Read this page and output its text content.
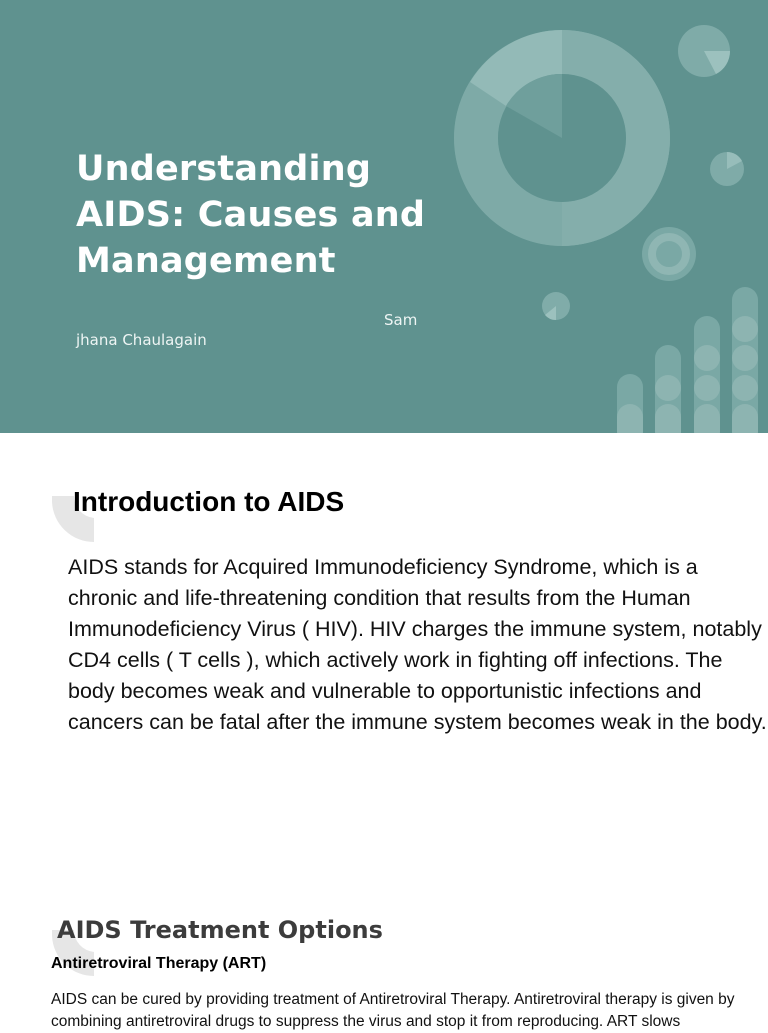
Understanding AIDS: Causes and Management
Sam
jhana Chaulagain
Introduction to AIDS

AIDS stands for Acquired Immunodeficiency Syndrome, which is a chronic and life-threatening condition that results from the Human Immunodeficiency Virus ( HIV). HIV charges the immune system, notably CD4 cells ( T cells ), which actively work in fighting off infections. The body becomes weak and vulnerable to opportunistic infections and cancers can be fatal after the immune system becomes weak in the body.

AIDS Treatment Options
Antiretroviral Therapy (ART)

AIDS can be cured by providing treatment of Antiretroviral Therapy. Antiretroviral therapy is given by combining antiretroviral drugs to suppress the virus and stop it from reproducing. ART slows
